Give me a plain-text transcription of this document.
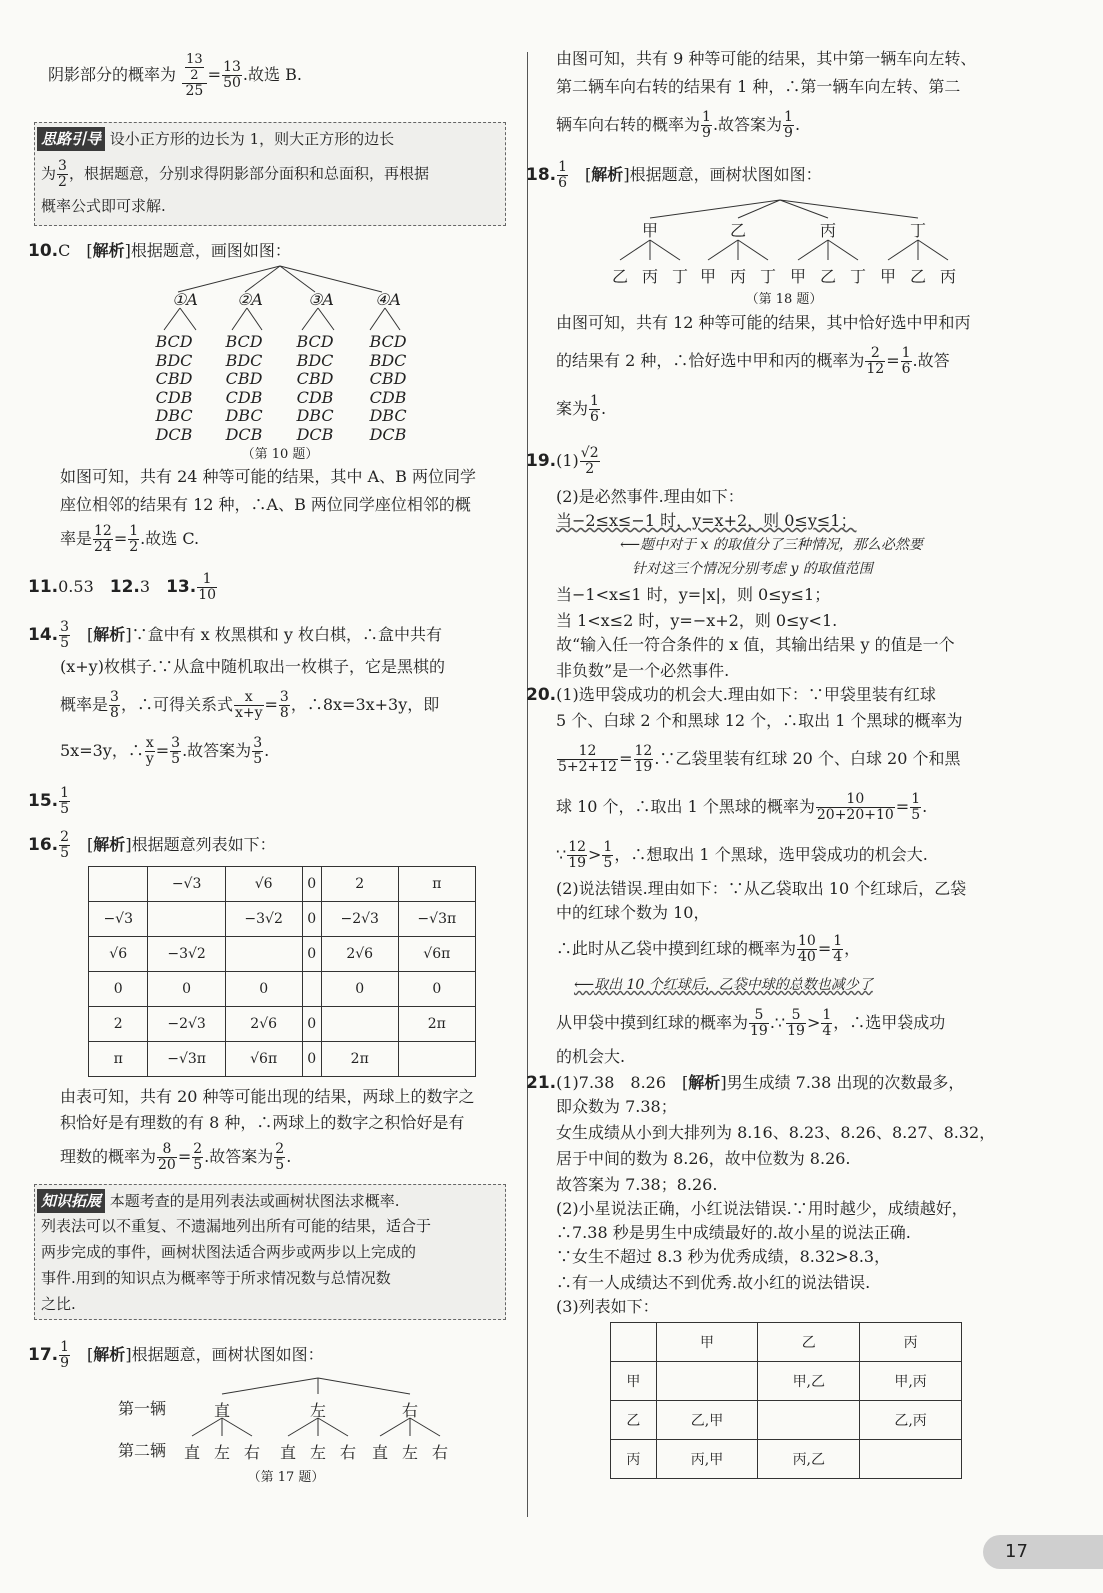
阴影部分的概率为 13
2
$25 = \frac{13}{50}$ .故选 B.
思路引导 设小正方形的边长为 1，则大正方形的边长
为 $\frac{3}{2}$ ，根据题意，分别求得阴影部分面积和总面积，再根据
概率公式即可求解.
10.C　[解析]根据题意，画图如图：
①A	②A	③A	④A
BCD
BDC
CBD
CDB
DBC
DCB
BCD
BDC
CBD
CDB
DBC
DCB
BCD
BDC
CBD
CDB
DBC
DCB
BCD
BDC
CBD
CDB
DBC
DCB
（第 10 题）
如图可知，共有 24 种等可能的结果，其中 A、B 两位同学
座位相邻的结果有 12 种，∴A、B 两位同学座位相邻的概
率是 $\frac{12}{24} = \frac{1}{2}$ .故选 C.
11.0.53　 12.3　 13. $\frac{1}{10}$
14. $\frac{3}{5}$ 　[解析]∵盒中有 x 枚黑棋和 y 枚白棋，∴盒中共有
(x+y)枚棋子.∵从盒中随机取出一枚棋子，它是黑棋的
概率是 $\frac{3}{8}$ ，∴可得关系式 $\frac{x}{x+y} = \frac{3}{8}$ ，∴8x=3x+3y，即
5x=3y，∴ $\frac{x}{y} = \frac{3}{5}$ .故答案为 $\frac{3}{5}$ .
15. $\frac{1}{5}$
16. $\frac{2}{5}$ 　[解析]根据题意列表如下：
	−√3	√6	0	2	π
−√3		−3√2	0	−2√3	−√3π
√6	−3√2		0	2√6	√6π
0	0	0		0	0
2	−2√3	2√6	0		2π
π	−√3π	√6π	0	2π	
由表可知，共有 20 种等可能出现的结果，两球上的数字之
积恰好是有理数的有 8 种，∴两球上的数字之积恰好是有
理数的概率为 $\frac{8}{20} = \frac{2}{5}$ .故答案为 $\frac{2}{5}$ .
知识拓展 本题考查的是用列表法或画树状图法求概率.
列表法可以不重复、不遗漏地列出所有可能的结果，适合于
两步完成的事件，画树状图法适合两步或两步以上完成的
事件.用到的知识点为概率等于所求情况数与总情况数
之比.
17. $\frac{1}{9}$ 　[解析]根据题意，画树状图如图：
第一辆
第二辆
直	左	右
直 左 右	直 左 右 直 左 右
（第 17 题）
由图可知，共有 9 种等可能的结果，其中第一辆车向左转、
第二辆车向右转的结果有 1 种，∴第一辆车向左转、第二
辆车向右转的概率为 $\frac{1}{9}$ .故答案为 $\frac{1}{9}$ .
18. $\frac{1}{6}$ 　[解析]根据题意，画树状图如图：
甲	乙	丙	丁
乙 丙 丁 甲 丙 丁 甲 乙 丁 甲 乙 丙
（第 18 题）
由图可知，共有 12 种等可能的结果，其中恰好选中甲和丙
的结果有 2 种，∴恰好选中甲和丙的概率为 $\frac{2}{12} = \frac{1}{6}$ .故答
案为 $\frac{1}{6}$ .
$19.(1) \frac{√2}{2}$
(2)是必然事件.理由如下：
当−2≤x≤−1 时，y=x+2，则 0≤y≤1；
⟵题中对于 x 的取值分了三种情况，那么必然要
针对这三个情况分别考虑 y 的取值范围
当−1<x≤1 时，y=|x|，则 0≤y≤1；
当 1<x≤2 时，y=−x+2，则 0≤y<1.
故“输入任一符合条件的 x 值，其输出结果 y 的值是一个
非负数”是一个必然事件.
20.(1)选甲袋成功的机会大.理由如下：∵甲袋里装有红球
5 个、白球 2 个和黑球 12 个，∴取出 1 个黑球的概率为
$\frac{12}{5+2+12} = \frac{12}{19}$ .∵乙袋里装有红球 20 个、白球 20 个和黑
球 10 个，∴取出 1 个黑球的概率为 $\frac{10}{20+20+10} = \frac{1}{5}$ .
∵ $\frac{12}{19} > \frac{1}{5}$ ，∴想取出 1 个黑球，选甲袋成功的机会大.
(2)说法错误.理由如下：∵从乙袋取出 10 个红球后，乙袋
中的红球个数为 10，
∴此时从乙袋中摸到红球的概率为 $\frac{10}{40} = \frac{1}{4}$ ，
⟵取出 10 个红球后，乙袋中球的总数也减少了
从甲袋中摸到红球的概率为 $\frac{5}{19}$ .∵ $\frac{5}{19} > \frac{1}{4}$ ，∴选甲袋成功
的机会大.
21.(1)7.38　8.26　[解析]男生成绩 7.38 出现的次数最多，
即众数为 7.38；
女生成绩从小到大排列为 8.16、8.23、8.26、8.27、8.32，
居于中间的数为 8.26，故中位数为 8.26.
故答案为 7.38；8.26.
(2)小星说法正确，小红说法错误.∵用时越少，成绩越好，
∴7.38 秒是男生中成绩最好的.故小星的说法正确.
∵女生不超过 8.3 秒为优秀成绩，8.32>8.3，
∴有一人成绩达不到优秀.故小红的说法错误.
(3)列表如下：
	甲	乙	丙
甲		甲,乙	甲,丙
乙	乙,甲		乙,丙
丙	丙,甲	丙,乙	
17
